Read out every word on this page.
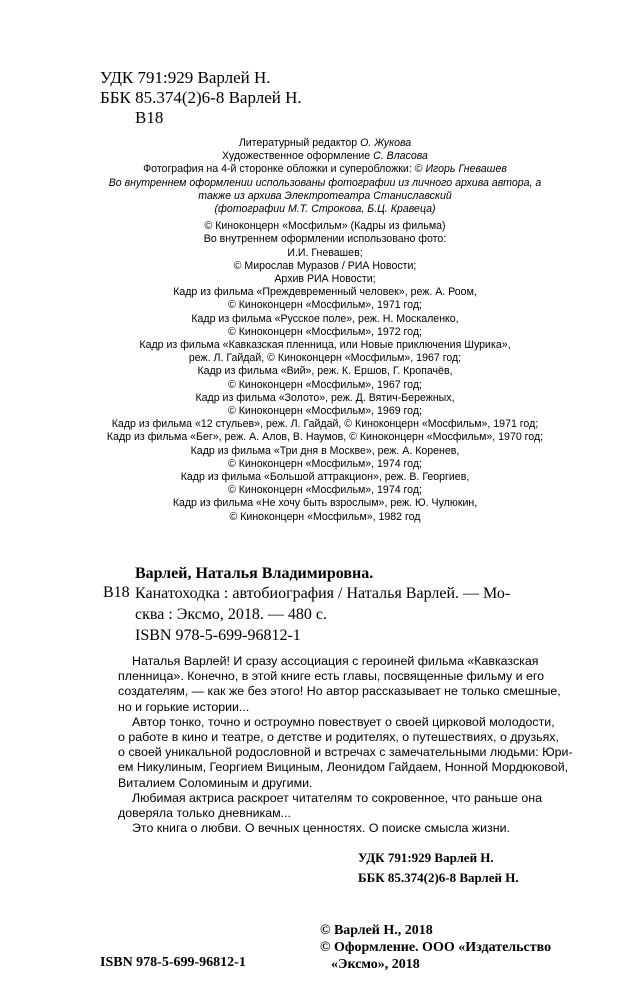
УДК 791:929 Варлей Н.
ББК 85.374(2)6-8 Варлей Н.
В18
Литературный редактор О. Жукова
Художественное оформление С. Власова
Фотография на 4-й сторонке обложки и суперобложки: © Игорь Гневашев
Во внутреннем оформлении использованы фотографии из личного архива автора, а
также из архива Электротеатра Станиславский
(фотографии М.Т. Строкова, Б.Ц. Кравеца)
© Киноконцерн «Мосфильм» (Кадры из фильма)
Во внутреннем оформлении использовано фото:
И.И. Гневашев;
© Мирослав Муразов / РИА Новости;
Архив РИА Новости;
Кадр из фильма «Преждевременный человек», реж. А. Роом,
© Киноконцерн «Мосфильм», 1971 год;
Кадр из фильма «Русское поле», реж. Н. Москаленко,
© Киноконцерн «Мосфильм», 1972 год;
Кадр из фильма «Кавказская пленница, или Новые приключения Шурика»,
реж. Л. Гайдай, © Киноконцерн «Мосфильм», 1967 год;
Кадр из фильма «Вий», реж. К. Ершов, Г. Кропачёв,
© Киноконцерн «Мосфильм», 1967 год;
Кадр из фильма «Золото», реж. Д. Вятич-Бережных,
© Киноконцерн «Мосфильм», 1969 год;
Кадр из фильма «12 стульев», реж. Л. Гайдай, © Киноконцерн «Мосфильм», 1971 год;
Кадр из фильма «Бег», реж. А. Алов, В. Наумов, © Киноконцерн «Мосфильм», 1970 год;
Кадр из фильма «Три дня в Москве», реж. А. Коренев,
© Киноконцерн «Мосфильм», 1974 год;
Кадр из фильма «Большой аттракцион», реж. В. Георгиев,
© Киноконцерн «Мосфильм», 1974 год;
Кадр из фильма «Не хочу быть взрослым», реж. Ю. Чулюкин,
© Киноконцерн «Мосфильм», 1982 год
Варлей, Наталья Владимировна.
В18 Канатоходка : автобиография / Наталья Варлей. — Мо-
сква : Эксмо, 2018. — 480 с.
ISBN 978-5-699-96812-1
Наталья Варлей! И сразу ассоциация с героиней фильма «Кавказская
пленница». Конечно, в этой книге есть главы, посвященные фильму и его
создателям, — как же без этого! Но автор рассказывает не только смешные,
но и горькие истории...
Автор тонко, точно и остроумно повествует о своей цирковой молодости,
о работе в кино и театре, о детстве и родителях, о путешествиях, о друзьях,
о своей уникальной родословной и встречах с замечательными людьми: Юри-
ем Никулиным, Георгием Вициным, Леонидом Гайдаем, Нонной Мордюковой,
Виталием Соломиным и другими.
Любимая актриса раскроет читателям то сокровенное, что раньше она
доверяла только дневникам...
Это книга о любви. О вечных ценностях. О поиске смысла жизни.
УДК 791:929 Варлей Н.
ББК 85.374(2)6-8 Варлей Н.
ISBN 978-5-699-96812-1
© Варлей Н., 2018
© Оформление. ООО «Издательство
«Эксмо», 2018
